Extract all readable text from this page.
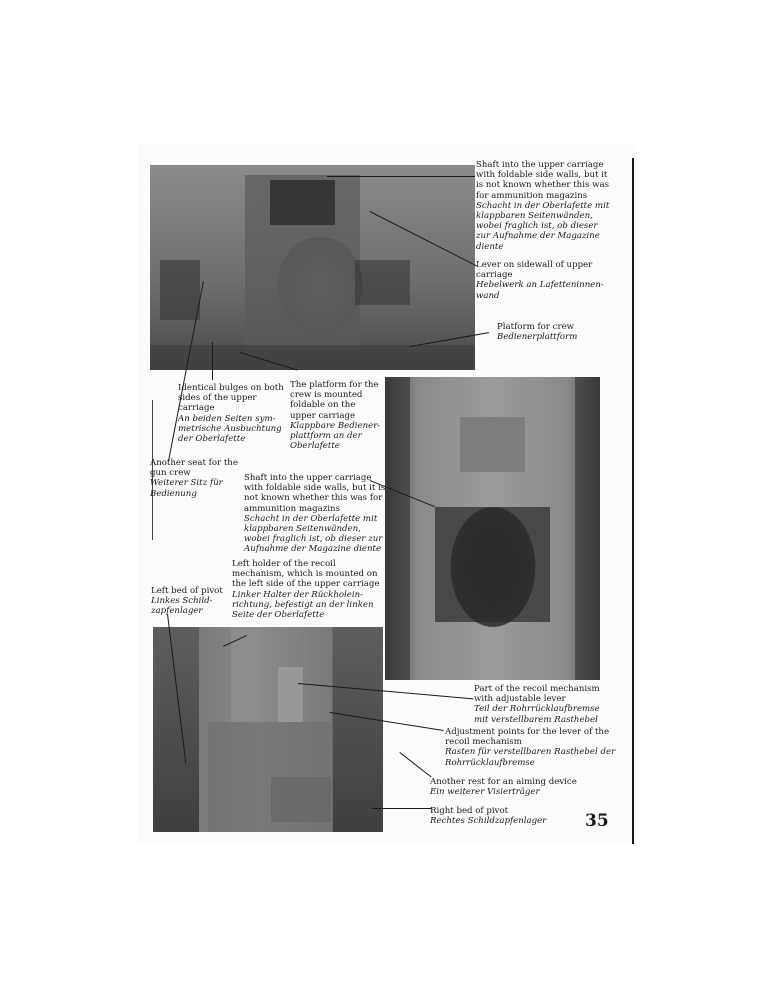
Shaft into the upper carriage
with foldable side walls, but it
is not known whether this was
for ammunition magazins
Schacht in der Oberlafette mit
klappbaren Seitenwänden,
wobei fraglich ist, ob dieser
zur Aufnahme der Magazine
diente
Lever on sidewall of upper
carriage
Hebelwerk an Lafetteninnen-
wand
Platform for crew
Bedienerplattform
Identical bulges on both
sides of the upper
carriage
An beiden Seiten sym-
metrische Ausbuchtung
der Oberlafette
The platform for the
crew is mounted
foldable on the
upper carriage
Klappbare Bediener-
plattform an der
Oberlafette
Another seat for the
gun crew
Weiterer Sitz für
Bedienung
Shaft into the upper carriage
with foldable side walls, but it is
not known whether this was for
ammunition magazins
Schacht in der Oberlafette mit
klappbaren Seitenwänden,
wobei fraglich ist, ob dieser zur
Aufnahme der Magazine diente
Left holder of the recoil
mechanism, which is mounted on
the left side of the upper carriage
Linker Halter der Rückholein-
richtung, befestigt an der linken
Seite der Oberlafette
Left bed of pivot
Linkes Schild-
zapfenlager
Part of the recoil mechanism
with adjustable lever
Teil der Rohrrücklaufbremse
mit verstellbarem Rasthebel
Adjustment points for the lever of the
recoil mechanism
Rasten für verstellbaren Rasthebel der
Rohrrücklaufbremse
Another rest for an aiming device
Ein weiterer Visierträger
Right bed of pivot
Rechtes Schildzapfenlager 35
